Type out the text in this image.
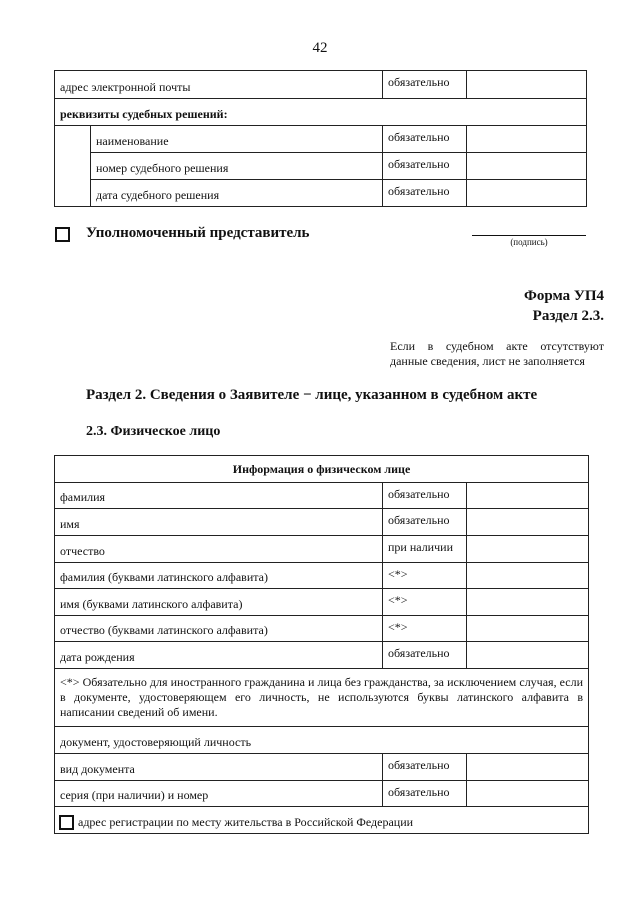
42
адрес электронной почты		обязательно	
реквизиты судебных решений:			
	наименование	обязательно	
	номер судебного решения	обязательно	
	дата судебного решения	обязательно	
Уполномоченный представитель
(подпись)
Форма УП4
Раздел 2.3.
Если в судебном акте отсутствуют
данные сведения, лист не заполняется
Раздел 2. Сведения о Заявителе − лице, указанном в судебном акте
2.3. Физическое лицо
Информация о физическом лице		
фамилия	обязательно	
имя	обязательно	
отчество	при наличии	
фамилия (буквами латинского алфавита)	<*>	
имя (буквами латинского алфавита)	<*>	
отчество (буквами латинского алфавита)	<*>	
дата рождения	обязательно	
<*> Обязательно для иностранного гражданина и лица без гражданства, за исключением случая, если в документе, удостоверяющем его личность, не используются буквы латинского алфавита в написании сведений об имени.		
документ, удостоверяющий личность		
вид документа	обязательно	
серия (при наличии) и номер	обязательно	
адрес регистрации по месту жительства в Российской Федерации		
